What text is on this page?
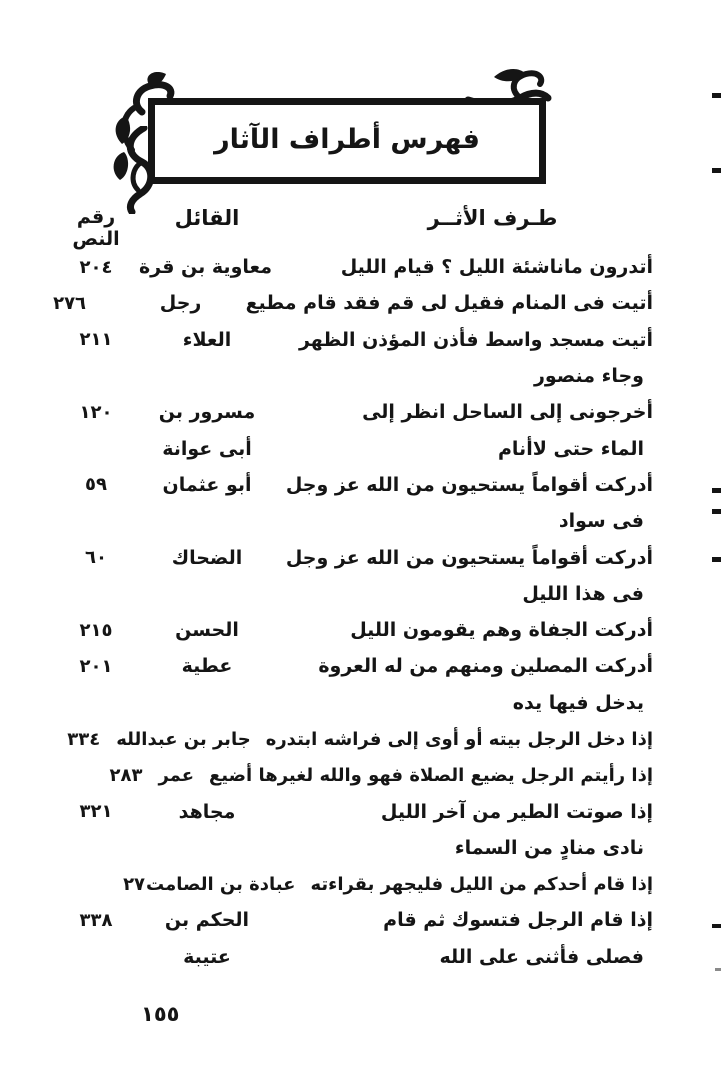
فهرس أطراف الآثار
طـرف الأثــر
القائل
رقم النص
أتدرون ماناشئة الليل ؟ قيام الليل
معاوية بن قرة
٢٠٤
أتيت فى المنام فقيل لى قم فقد قام مطيع
رجل
٢٧٦
أتيت مسجد واسط فأذن المؤذن الظهر
العلاء
٢١١
وجاء منصور
أخرجونى إلى الساحل انظر إلى
مسرور بن
١٢٠
الماء حتى لاأنام
أبى عوانة
أدركت أقواماً يستحيون من الله عز وجل
أبو عثمان
٥٩
فى سواد
أدركت أقواماً يستحيون من الله عز وجل
الضحاك
٦٠
فى هذا الليل
أدركت الجفاة وهم يقومون الليل
الحسن
٢١٥
أدركت المصلين ومنهم من له العروة
عطية
٢٠١
يدخل فيها يده
إذا دخل الرجل بيته أو أوى إلى فراشه ابتدره
جابر بن عبدالله
٣٣٤
إذا رأيتم الرجل يضيع الصلاة فهو والله لغيرها أضيع
عمر
٢٨٣
إذا صوتت الطير من آخر الليل
مجاهد
٣٢١
نادى منادٍ من السماء
إذا قام أحدكم من الليل فليجهر بقراءته
عبادة بن الصامت
٢٧
إذا قام الرجل فتسوك ثم قام
الحكم بن
٣٣٨
فصلى فأثنى على الله
عتيبة
١٥٥
